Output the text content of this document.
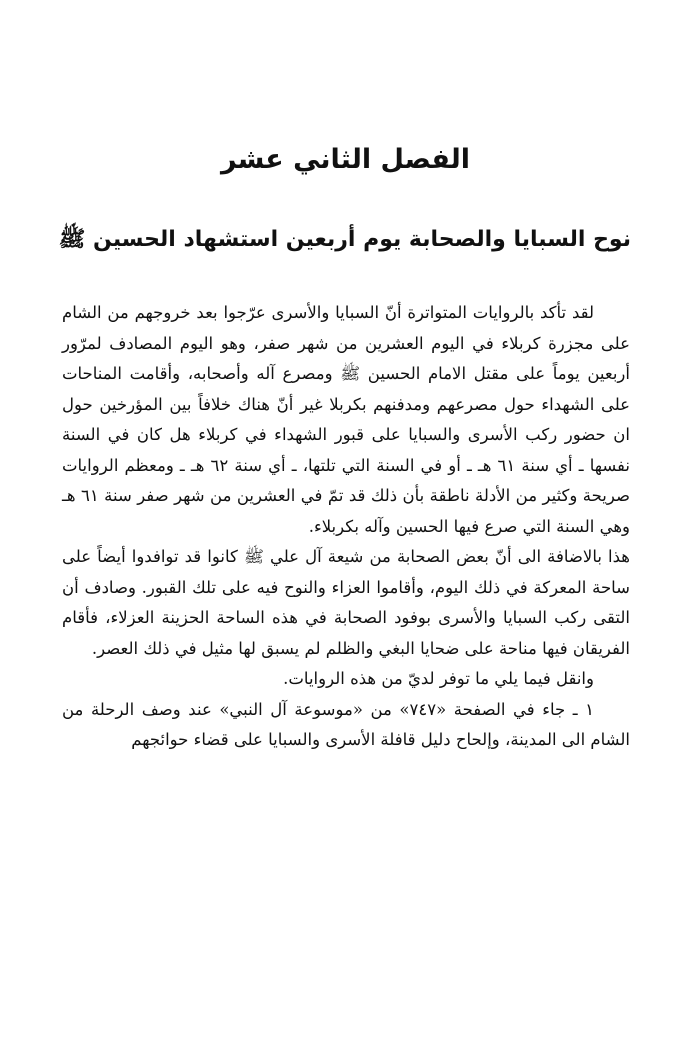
الفصل الثاني عشر
نوح السبايا والصحابة يوم أربعين استشهاد الحسين ﷺ

لقد تأكد بالروايات المتواترة أنّ السبايا والأسرى عرّجوا بعد خروجهم من الشام على مجزرة كربلاء في اليوم العشرين من شهر صفر، وهو اليوم المصادف لمرّور أربعين يوماً على مقتل الامام الحسين ﷺ ومصرع آله وأصحابه، وأقامت المناحات على الشهداء حول مصرعهم ومدفنهم بكربلا غير أنّ هناك خلافاً بين المؤرخين حول ان حضور ركب الأسرى والسبايا على قبور الشهداء في كربلاء هل كان في السنة نفسها ـ أي سنة ٦١ هـ ـ أو في السنة التي تلتها، ـ أي سنة ٦٢ هـ ـ ومعظم الروايات صريحة وكثير من الأدلة ناطقة بأن ذلك قد تمّ في العشرين من شهر صفر سنة ٦١ هـ وهي السنة التي صرع فيها الحسين وآله بكربلاء.

هذا بالاضافة الى أنّ بعض الصحابة من شيعة آل علي ﷺ كانوا قد توافدوا أيضاً على ساحة المعركة في ذلك اليوم، وأقاموا العزاء والنوح فيه على تلك القبور. وصادف أن التقى ركب السبايا والأسرى بوفود الصحابة في هذه الساحة الحزينة العزلاء، فأقام الفريقان فيها مناحة على ضحايا البغي والظلم لم يسبق لها مثيل في ذلك العصر.

وانقل فيما يلي ما توفر لديّ من هذه الروايات.

١ ـ جاء في الصفحة «٧٤٧» من «موسوعة آل النبي» عند وصف الرحلة من الشام الى المدينة، وإلحاح دليل قافلة الأسرى والسبايا على قضاء حوائجهم
